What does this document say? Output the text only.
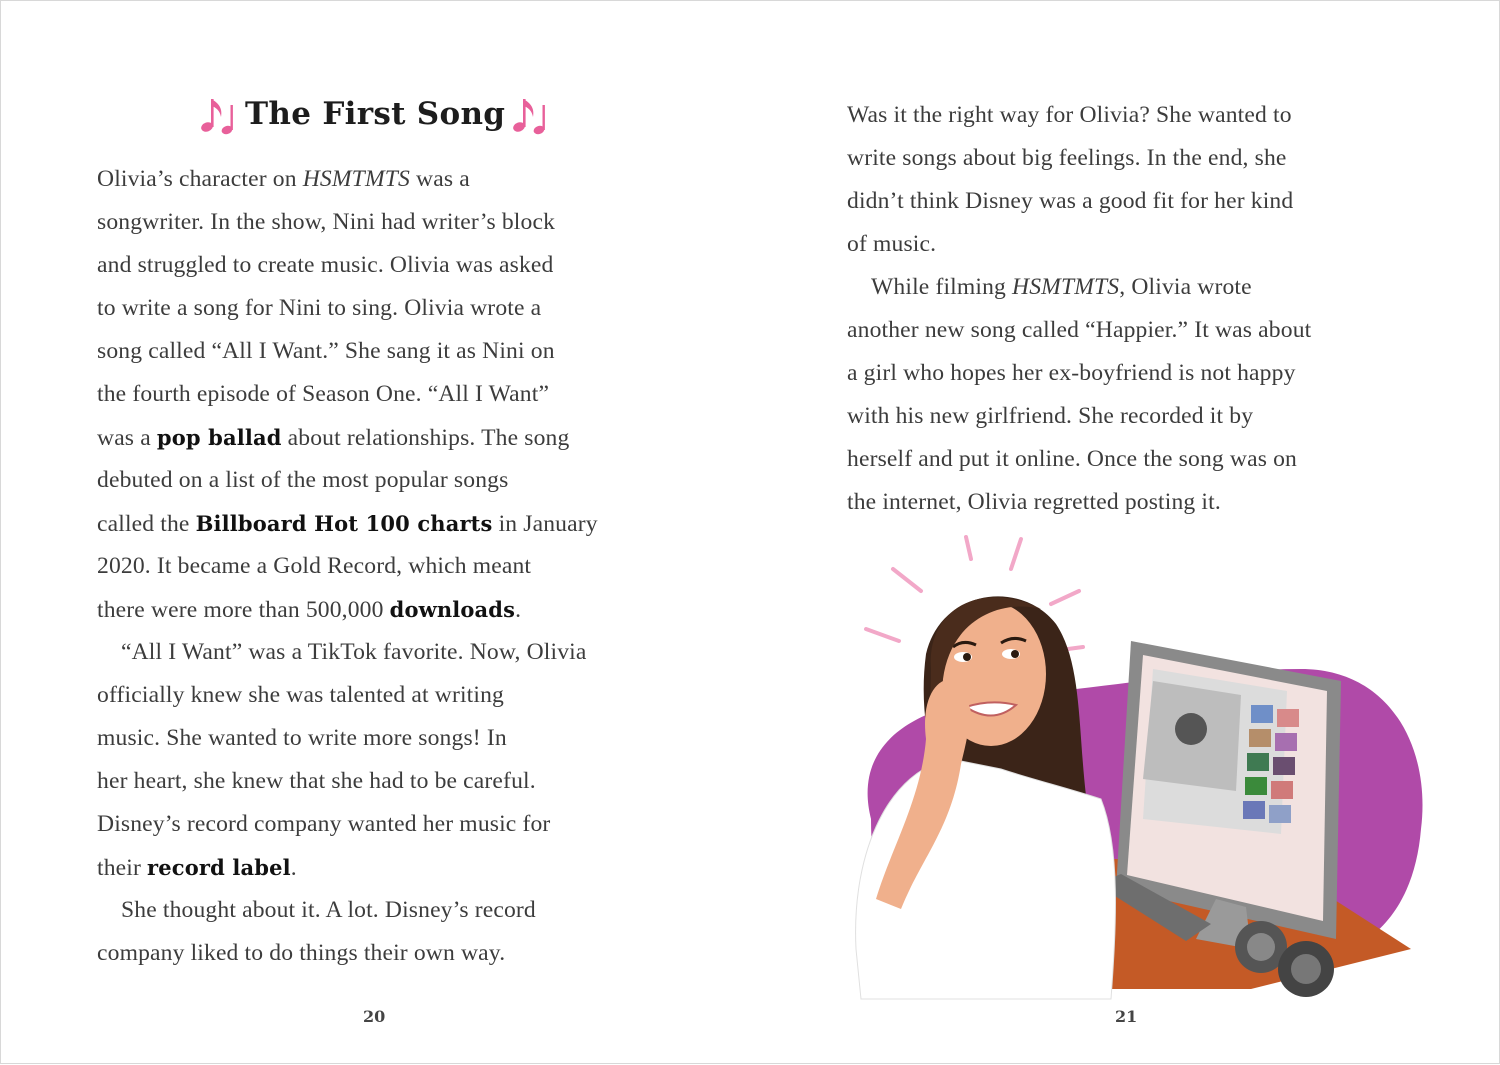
The First Song
Olivia’s character on HSMTMTS was a
songwriter. In the show, Nini had writer’s block
and struggled to create music. Olivia was asked
to write a song for Nini to sing. Olivia wrote a
song called “All I Want.” She sang it as Nini on
the fourth episode of Season One. “All I Want”
was a pop ballad about relationships. The song
debuted on a list of the most popular songs
called the Billboard Hot 100 charts in January
2020. It became a Gold Record, which meant
there were more than 500,000 downloads.
“All I Want” was a TikTok favorite. Now, Olivia
officially knew she was talented at writing
music. She wanted to write more songs! In
her heart, she knew that she had to be careful.
Disney’s record company wanted her music for
their record label.
She thought about it. A lot. Disney’s record
company liked to do things their own way.
20
Was it the right way for Olivia? She wanted to
write songs about big feelings. In the end, she
didn’t think Disney was a good fit for her kind
of music.
While filming HSMTMTS, Olivia wrote
another new song called “Happier.” It was about
a girl who hopes her ex-boyfriend is not happy
with his new girlfriend. She recorded it by
herself and put it online. Once the song was on
the internet, Olivia regretted posting it.
21
